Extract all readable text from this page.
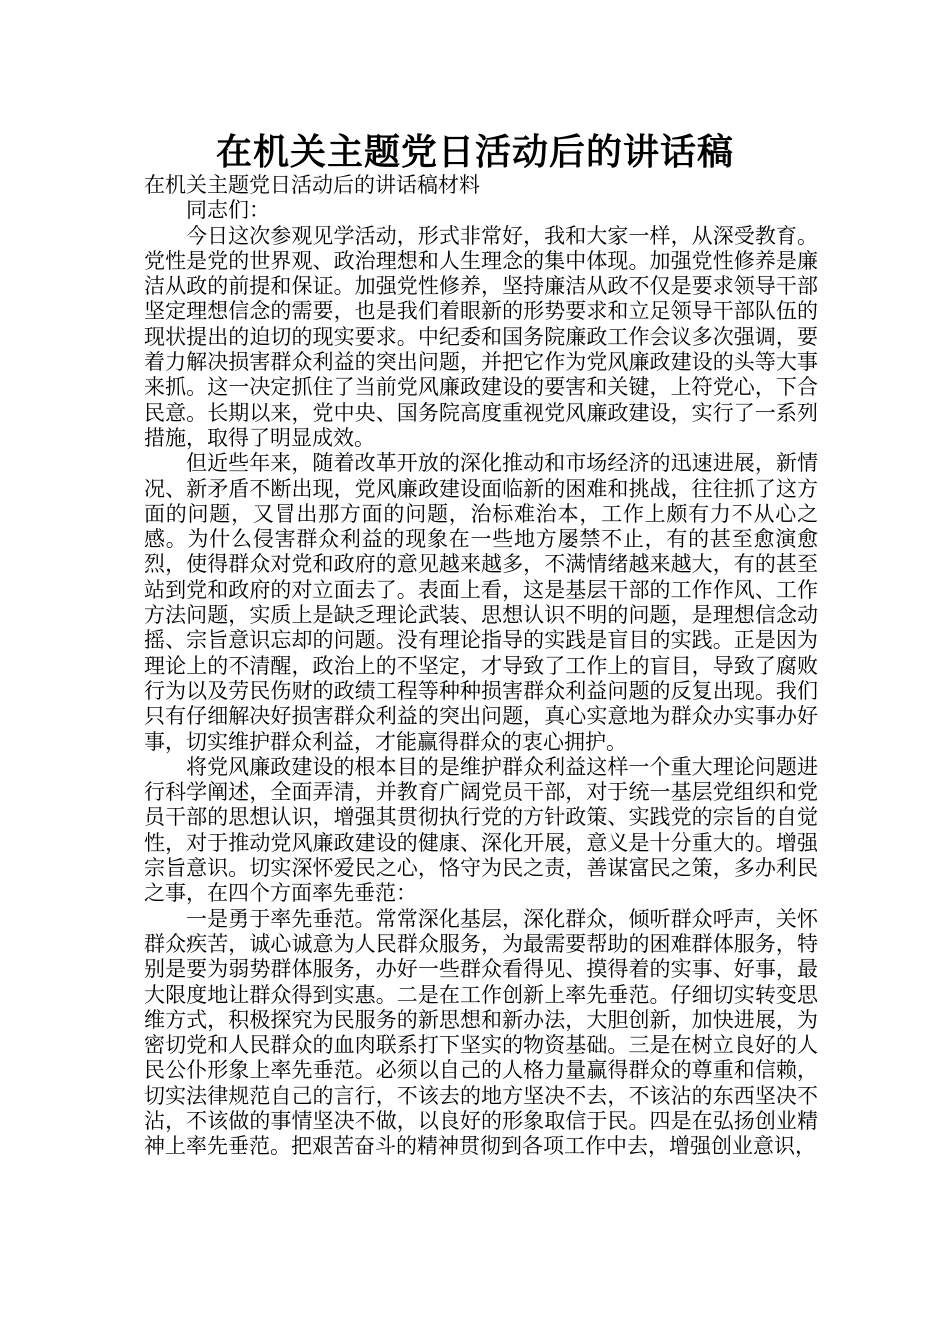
在机关主题党日活动后的讲话稿

在机关主题党日活动后的讲话稿材料

同志们：

今日这次参观见学活动，形式非常好，我和大家一样，从深受教育。党性是党的世界观、政治理想和人生理念的集中体现。加强党性修养是廉洁从政的前提和保证。加强党性修养，坚持廉洁从政不仅是要求领导干部坚定理想信念的需要，也是我们着眼新的形势要求和立足领导干部队伍的现状提出的迫切的现实要求。中纪委和国务院廉政工作会议多次强调，要着力解决损害群众利益的突出问题，并把它作为党风廉政建设的头等大事来抓。这一决定抓住了当前党风廉政建设的要害和关键，上符党心，下合民意。长期以来，党中央、国务院高度重视党风廉政建设，实行了一系列措施，取得了明显成效。

但近些年来，随着改革开放的深化推动和市场经济的迅速进展，新情况、新矛盾不断出现，党风廉政建设面临新的困难和挑战，往往抓了这方面的问题，又冒出那方面的问题，治标难治本，工作上颇有力不从心之感。为什么侵害群众利益的现象在一些地方屡禁不止，有的甚至愈演愈烈，使得群众对党和政府的意见越来越多，不满情绪越来越大，有的甚至站到党和政府的对立面去了。表面上看，这是基层干部的工作作风、工作方法问题，实质上是缺乏理论武装、思想认识不明的问题，是理想信念动摇、宗旨意识忘却的问题。没有理论指导的实践是盲目的实践。正是因为理论上的不清醒，政治上的不坚定，才导致了工作上的盲目，导致了腐败行为以及劳民伤财的政绩工程等种种损害群众利益问题的反复出现。我们只有仔细解决好损害群众利益的突出问题，真心实意地为群众办实事办好事，切实维护群众利益，才能赢得群众的衷心拥护。

将党风廉政建设的根本目的是维护群众利益这样一个重大理论问题进行科学阐述，全面弄清，并教育广阔党员干部，对于统一基层党组织和党员干部的思想认识，增强其贯彻执行党的方针政策、实践党的宗旨的自觉性，对于推动党风廉政建设的健康、深化开展，意义是十分重大的。增强宗旨意识。切实深怀爱民之心，恪守为民之责，善谋富民之策，多办利民之事，在四个方面率先垂范：

一是勇于率先垂范。常常深化基层，深化群众，倾听群众呼声，关怀群众疾苦，诚心诚意为人民群众服务，为最需要帮助的困难群体服务，特别是要为弱势群体服务，办好一些群众看得见、摸得着的实事、好事，最大限度地让群众得到实惠。二是在工作创新上率先垂范。仔细切实转变思维方式，积极探究为民服务的新思想和新办法，大胆创新，加快进展，为密切党和人民群众的血肉联系打下坚实的物资基础。三是在树立良好的人民公仆形象上率先垂范。必须以自己的人格力量赢得群众的尊重和信赖，切实法律规范自己的言行，不该去的地方坚决不去，不该沾的东西坚决不沾，不该做的事情坚决不做，以良好的形象取信于民。四是在弘扬创业精神上率先垂范。把艰苦奋斗的精神贯彻到各项工作中去，增强创业意识，
